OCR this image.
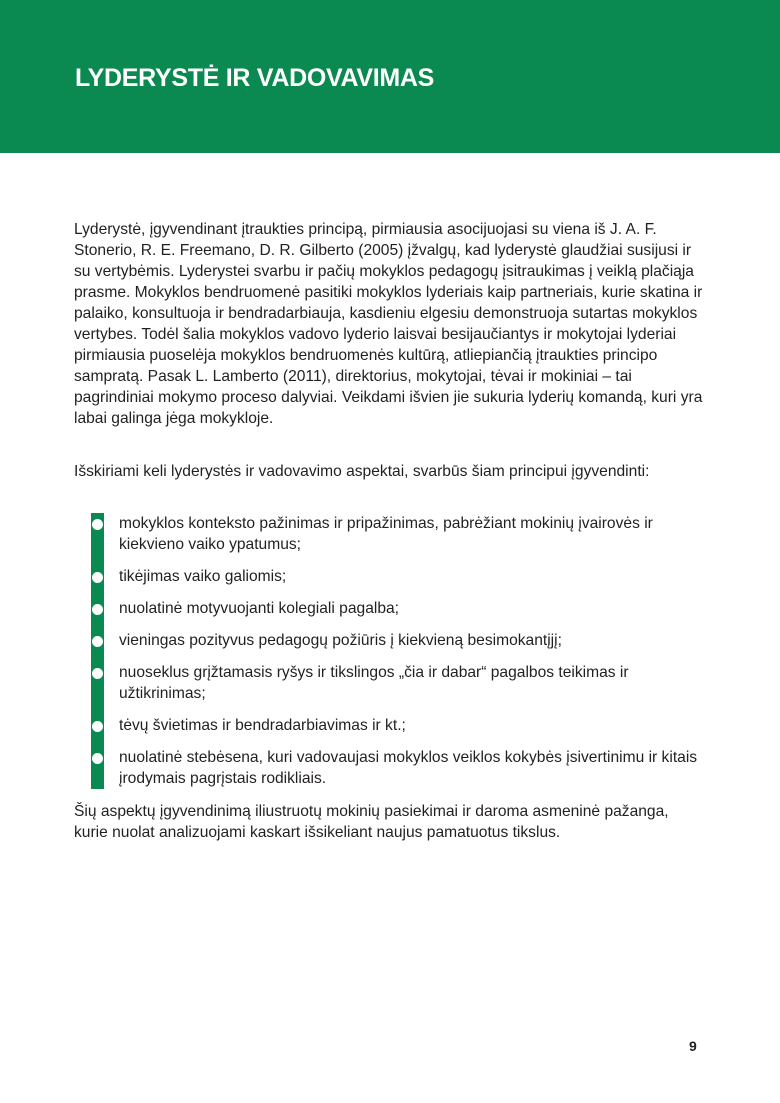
LYDERYSTĖ IR VADOVAVIMAS

Lyderystė, įgyvendinant įtraukties principą, pirmiausia asocijuojasi su viena iš J. A. F. Stonerio, R. E. Freemano, D. R. Gilberto (2005) įžvalgų, kad lyderystė glaudžiai susijusi ir su vertybėmis. Lyderystei svarbu ir pačių mokyklos pedagogų įsitraukimas į veiklą plačiąja prasme. Mokyklos bendruomenė pasitiki mokyklos lyderiais kaip partneriais, kurie skatina ir palaiko, konsultuoja ir bendradarbiauja, kasdieniu elgesiu demonstruoja sutartas mokyklos vertybes. Todėl šalia mokyklos vadovo lyderio laisvai besijaučiantys ir mokytojai lyderiai pirmiausia puoselėja mokyklos bendruomenės kultūrą, atliepiančią įtraukties principo sampratą. Pasak L. Lamberto (2011), direktorius, mokytojai, tėvai ir mokiniai – tai pagrindiniai mokymo proceso dalyviai. Veikdami išvien jie sukuria lyderių komandą, kuri yra labai galinga jėga mokykloje.

Išskiriami keli lyderystės ir vadovavimo aspektai, svarbūs šiam principui įgyvendinti:

mokyklos konteksto pažinimas ir pripažinimas, pabrėžiant mokinių įvairovės ir kiekvieno vaiko ypatumus;
tikėjimas vaiko galiomis;
nuolatinė motyvuojanti kolegiali pagalba;
vieningas pozityvus pedagogų požiūris į kiekvieną besimokantįjį;
nuoseklus grįžtamasis ryšys ir tikslingos „čia ir dabar“ pagalbos teikimas ir užtikrinimas;
tėvų švietimas ir bendradarbiavimas ir kt.;
nuolatinė stebėsena, kuri vadovaujasi mokyklos veiklos kokybės įsivertinimu ir kitais įrodymais pagrįstais rodikliais.

Šių aspektų įgyvendinimą iliustruotų mokinių pasiekimai ir daroma asmeninė pažanga, kurie nuolat analizuojami kaskart išsikeliant naujus pamatuotus tikslus.

9
